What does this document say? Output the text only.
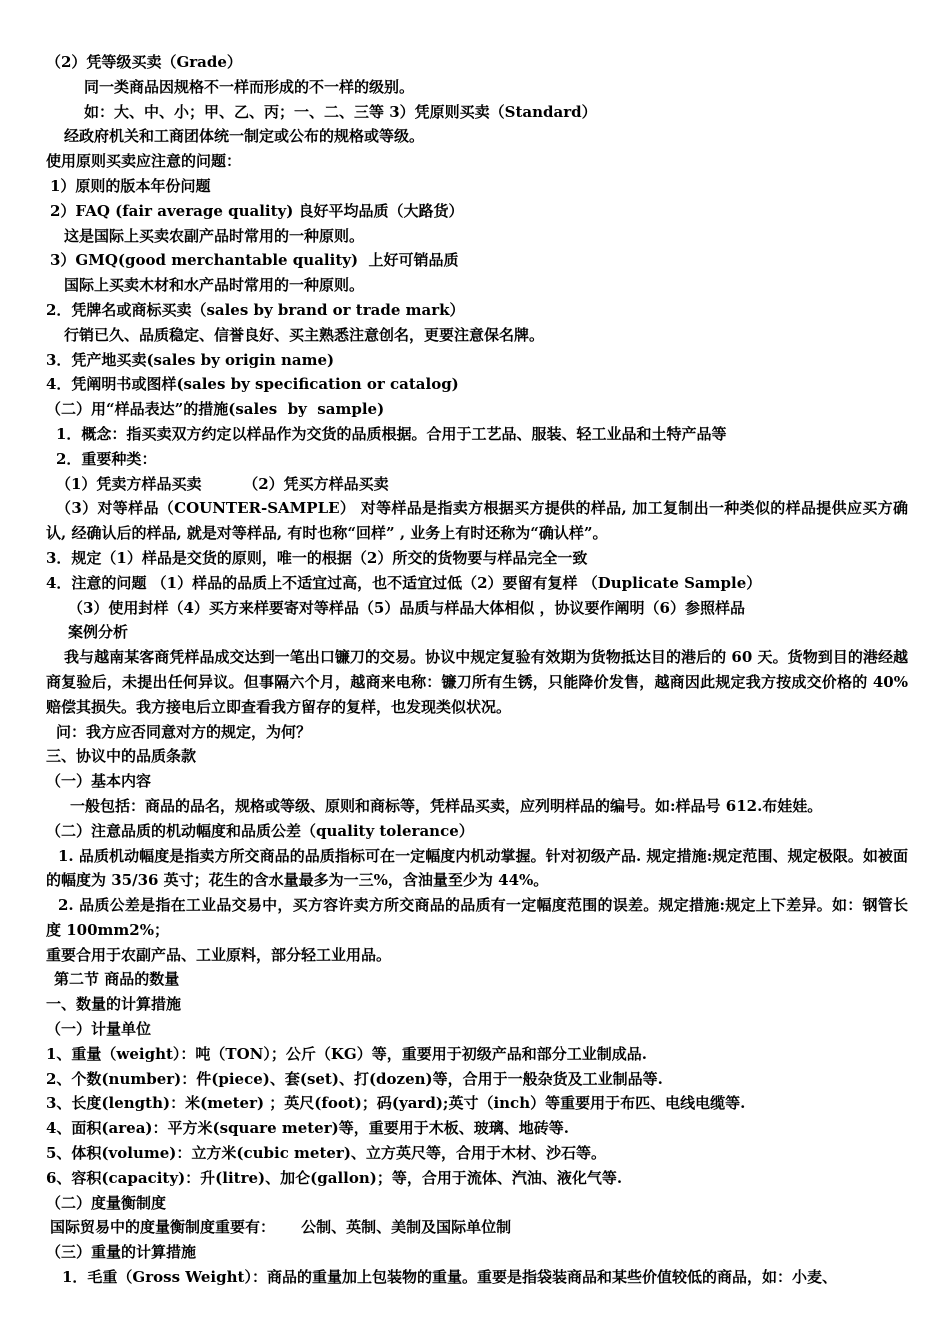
（2）凭等级买卖（Grade）
同一类商品因规格不一样而形成的不一样的级别。
如：大、中、小；甲、乙、丙；一、二、三等 3）凭原则买卖（Standard）
经政府机关和工商团体统一制定或公布的规格或等级。
使用原则买卖应注意的问题：
1）原则的版本年份问题
2）FAQ (fair average quality) 良好平均品质（大路货）
这是国际上买卖农副产品时常用的一种原则。
3）GMQ(good merchantable quality)  上好可销品质
国际上买卖木材和水产品时常用的一种原则。
2．凭牌名或商标买卖（sales by brand or trade mark）
行销已久、品质稳定、信誉良好、买主熟悉注意创名，更要注意保名牌。
3．凭产地买卖(sales by origin name)
4．凭阐明书或图样(sales by specification or catalog)
（二）用“样品表达”的措施(sales  by  sample)
1．概念：指买卖双方约定以样品作为交货的品质根据。合用于工艺品、服装、轻工业品和土特产品等
2．重要种类：
（1）凭卖方样品买卖        （2）凭买方样品买卖
（3）对等样品（COUNTER-SAMPLE） 对等样品是指卖方根据买方提供的样品, 加工复制出一种类似的样品提供应买方确认, 经确认后的样品, 就是对等样品, 有时也称“回样” , 业务上有时还称为“确认样”。
3．规定（1）样品是交货的原则，唯一的根据（2）所交的货物要与样品完全一致
4．注意的问题 （1）样品的品质上不适宜过高，也不适宜过低（2）要留有复样 （Duplicate Sample）
（3）使用封样（4）买方来样要寄对等样品（5）品质与样品大体相似 ，协议要作阐明（6）参照样品
案例分析
我与越南某客商凭样品成交达到一笔出口镰刀的交易。协议中规定复验有效期为货物抵达目的港后的 60 天。货物到目的港经越商复验后，未提出任何异议。但事隔六个月，越商来电称：镰刀所有生锈，只能降价发售，越商因此规定我方按成交价格的 40%赔偿其损失。我方接电后立即查看我方留存的复样，也发现类似状况。
问：我方应否同意对方的规定，为何？
三、协议中的品质条款
（一）基本内容
一般包括：商品的品名，规格或等级、原则和商标等，凭样品买卖，应列明样品的编号。如:样品号 612.布娃娃。
（二）注意品质的机动幅度和品质公差（quality tolerance）
1. 品质机动幅度是指卖方所交商品的品质指标可在一定幅度内机动掌握。针对初级产品. 规定措施:规定范围、规定极限。如被面的幅度为 35/36 英寸；花生的含水量最多为一三%，含油量至少为 44%。
2. 品质公差是指在工业品交易中，买方容许卖方所交商品的品质有一定幅度范围的误差。规定措施:规定上下差异。如：钢管长度 100mm2%；
重要合用于农副产品、工业原料，部分轻工业用品。
第二节 商品的数量
一、数量的计算措施
（一）计量单位
1、重量（weight）：吨（TON）；公斤（KG）等，重要用于初级产品和部分工业制成品.
2、个数(number)：件(piece)、套(set)、打(dozen)等，合用于一般杂货及工业制品等.
3、长度(length)：米(meter) ；英尺(foot)；码(yard);英寸（inch）等重要用于布匹、电线电缆等.
4、面积(area)：平方米(square meter)等，重要用于木板、玻璃、地砖等.
5、体积(volume)：立方米(cubic meter)、立方英尺等，合用于木材、沙石等。
6、容积(capacity)：升(litre)、加仑(gallon)；等，合用于流体、汽油、液化气等.
（二）度量衡制度
国际贸易中的度量衡制度重要有：     公制、英制、美制及国际单位制
（三）重量的计算措施
1．毛重（Gross Weight）：商品的重量加上包装物的重量。重要是指袋装商品和某些价值较低的商品，如：小麦、
